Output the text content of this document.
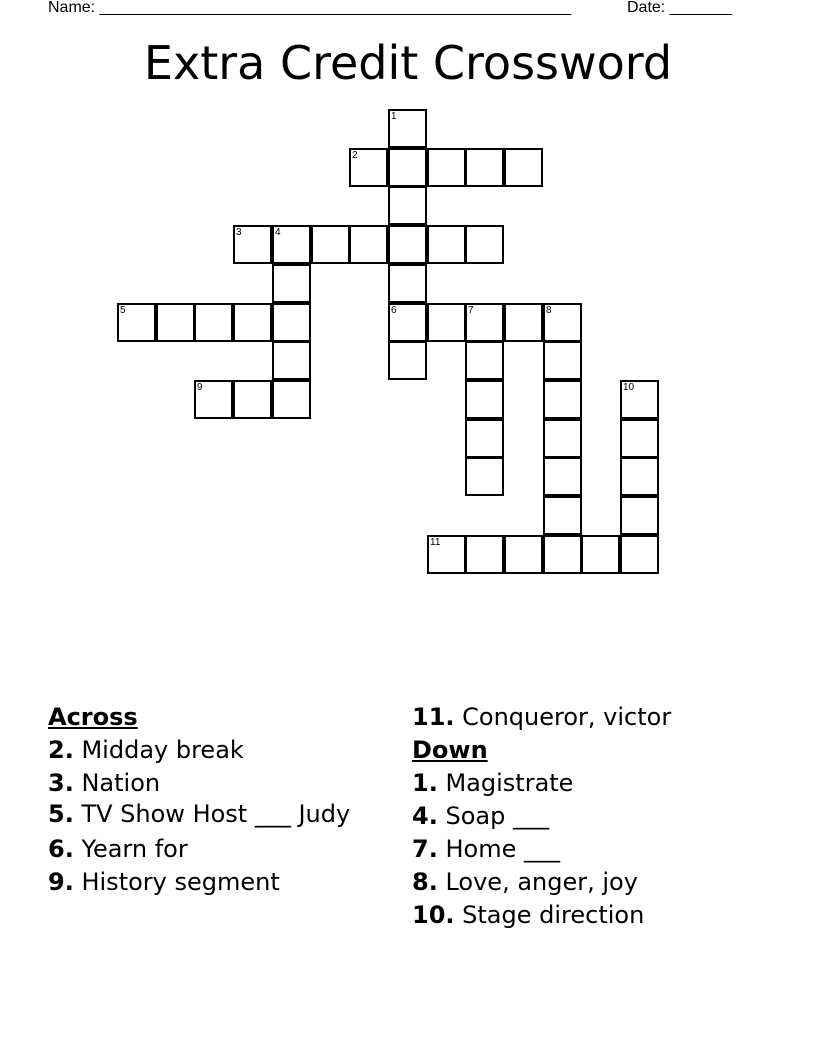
Name: _____________________________________________________	Date: _______
Extra Credit Crossword
1
2
3	4
5	6	7	8
9	10
11
Across
2. Midday break
3. Nation
5. TV Show Host ___ Judy
6. Yearn for
9. History segment
11. Conqueror, victor
Down
1. Magistrate
4. Soap ___
7. Home ___
8. Love, anger, joy
10. Stage direction
